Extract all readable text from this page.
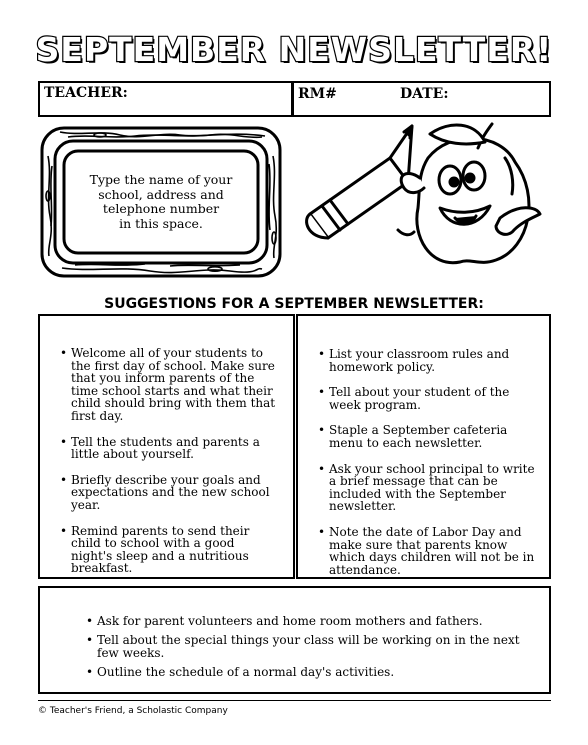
SEPTEMBER NEWSLETTER!
TEACHER:	RM#	DATE:
Type the name of your
school, address and
telephone number
in this space.
SUGGESTIONS FOR A SEPTEMBER NEWSLETTER:
• Welcome all of your students to the first day of school. Make sure that you inform parents of the time school starts and what their child should bring with them that first day.
• Tell the students and parents a little about yourself.
• Briefly describe your goals and expectations and the new school year.
• Remind parents to send their child to school with a good night's sleep and a nutritious breakfast.
• List your classroom rules and homework policy.
• Tell about your student of the week program.
• Staple a September cafeteria menu to each newsletter.
• Ask your school principal to write a brief message that can be included with the September newsletter.
• Note the date of Labor Day and make sure that parents know which days children will not be in attendance.
• Ask for parent volunteers and home room mothers and fathers.
• Tell about the special things your class will be working on in the next few weeks.
• Outline the schedule of a normal day's activities.
© Teacher's Friend, a Scholastic Company
